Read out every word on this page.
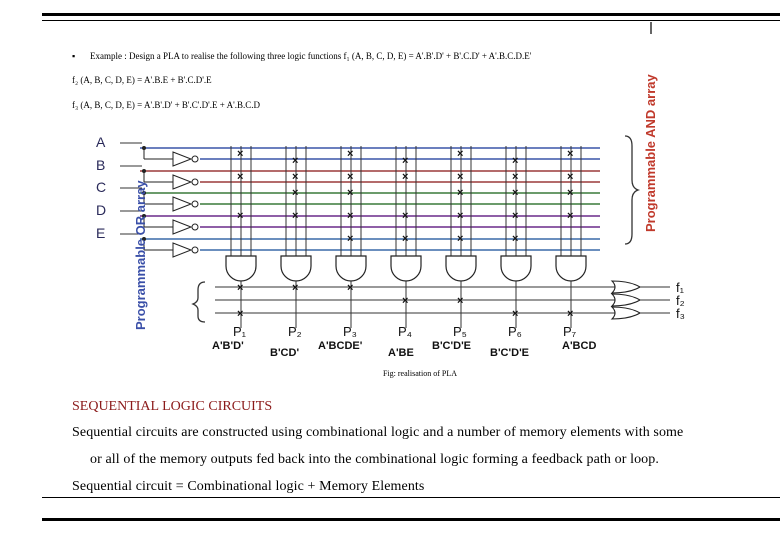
▪ Example : Design a PLA to realise the following three logic functions f₁ (A, B, C, D, E) = A'.B'.D' + B'.C.D' + A'.B.C.D.E'
f₂ (A, B, C, D, E) = A'.B.E + B'.C.D'.E
f₃ (A, B, C, D, E) = A'.B'.D' + B'.C'.D'.E + A'.B.C.D
A
B
C
D
E
P₁	P₂	P₃	P₄	P₅	P₆	P₇
×	×	×	×
×	×	×
×	×	×	×	×	×	×
×	×	×	×	×
×	×	×	×	×	×	×
×	×	×	×
f₁
f₂
f₃
×	×	×
×	×
×	×	×
A'B'D'	A'BCDE'	B'C'D'E	A'BCD
B'CD'	A'BE	B'C'D'E
Programmable AND array
Programmable OR array
Fig: realisation of PLA
SEQUENTIAL LOGIC CIRCUITS
Sequential circuits are constructed using combinational logic and a number of memory elements with some
or all of the memory outputs fed back into the combinational logic forming a feedback path or loop.
Sequential circuit = Combinational logic + Memory Elements
